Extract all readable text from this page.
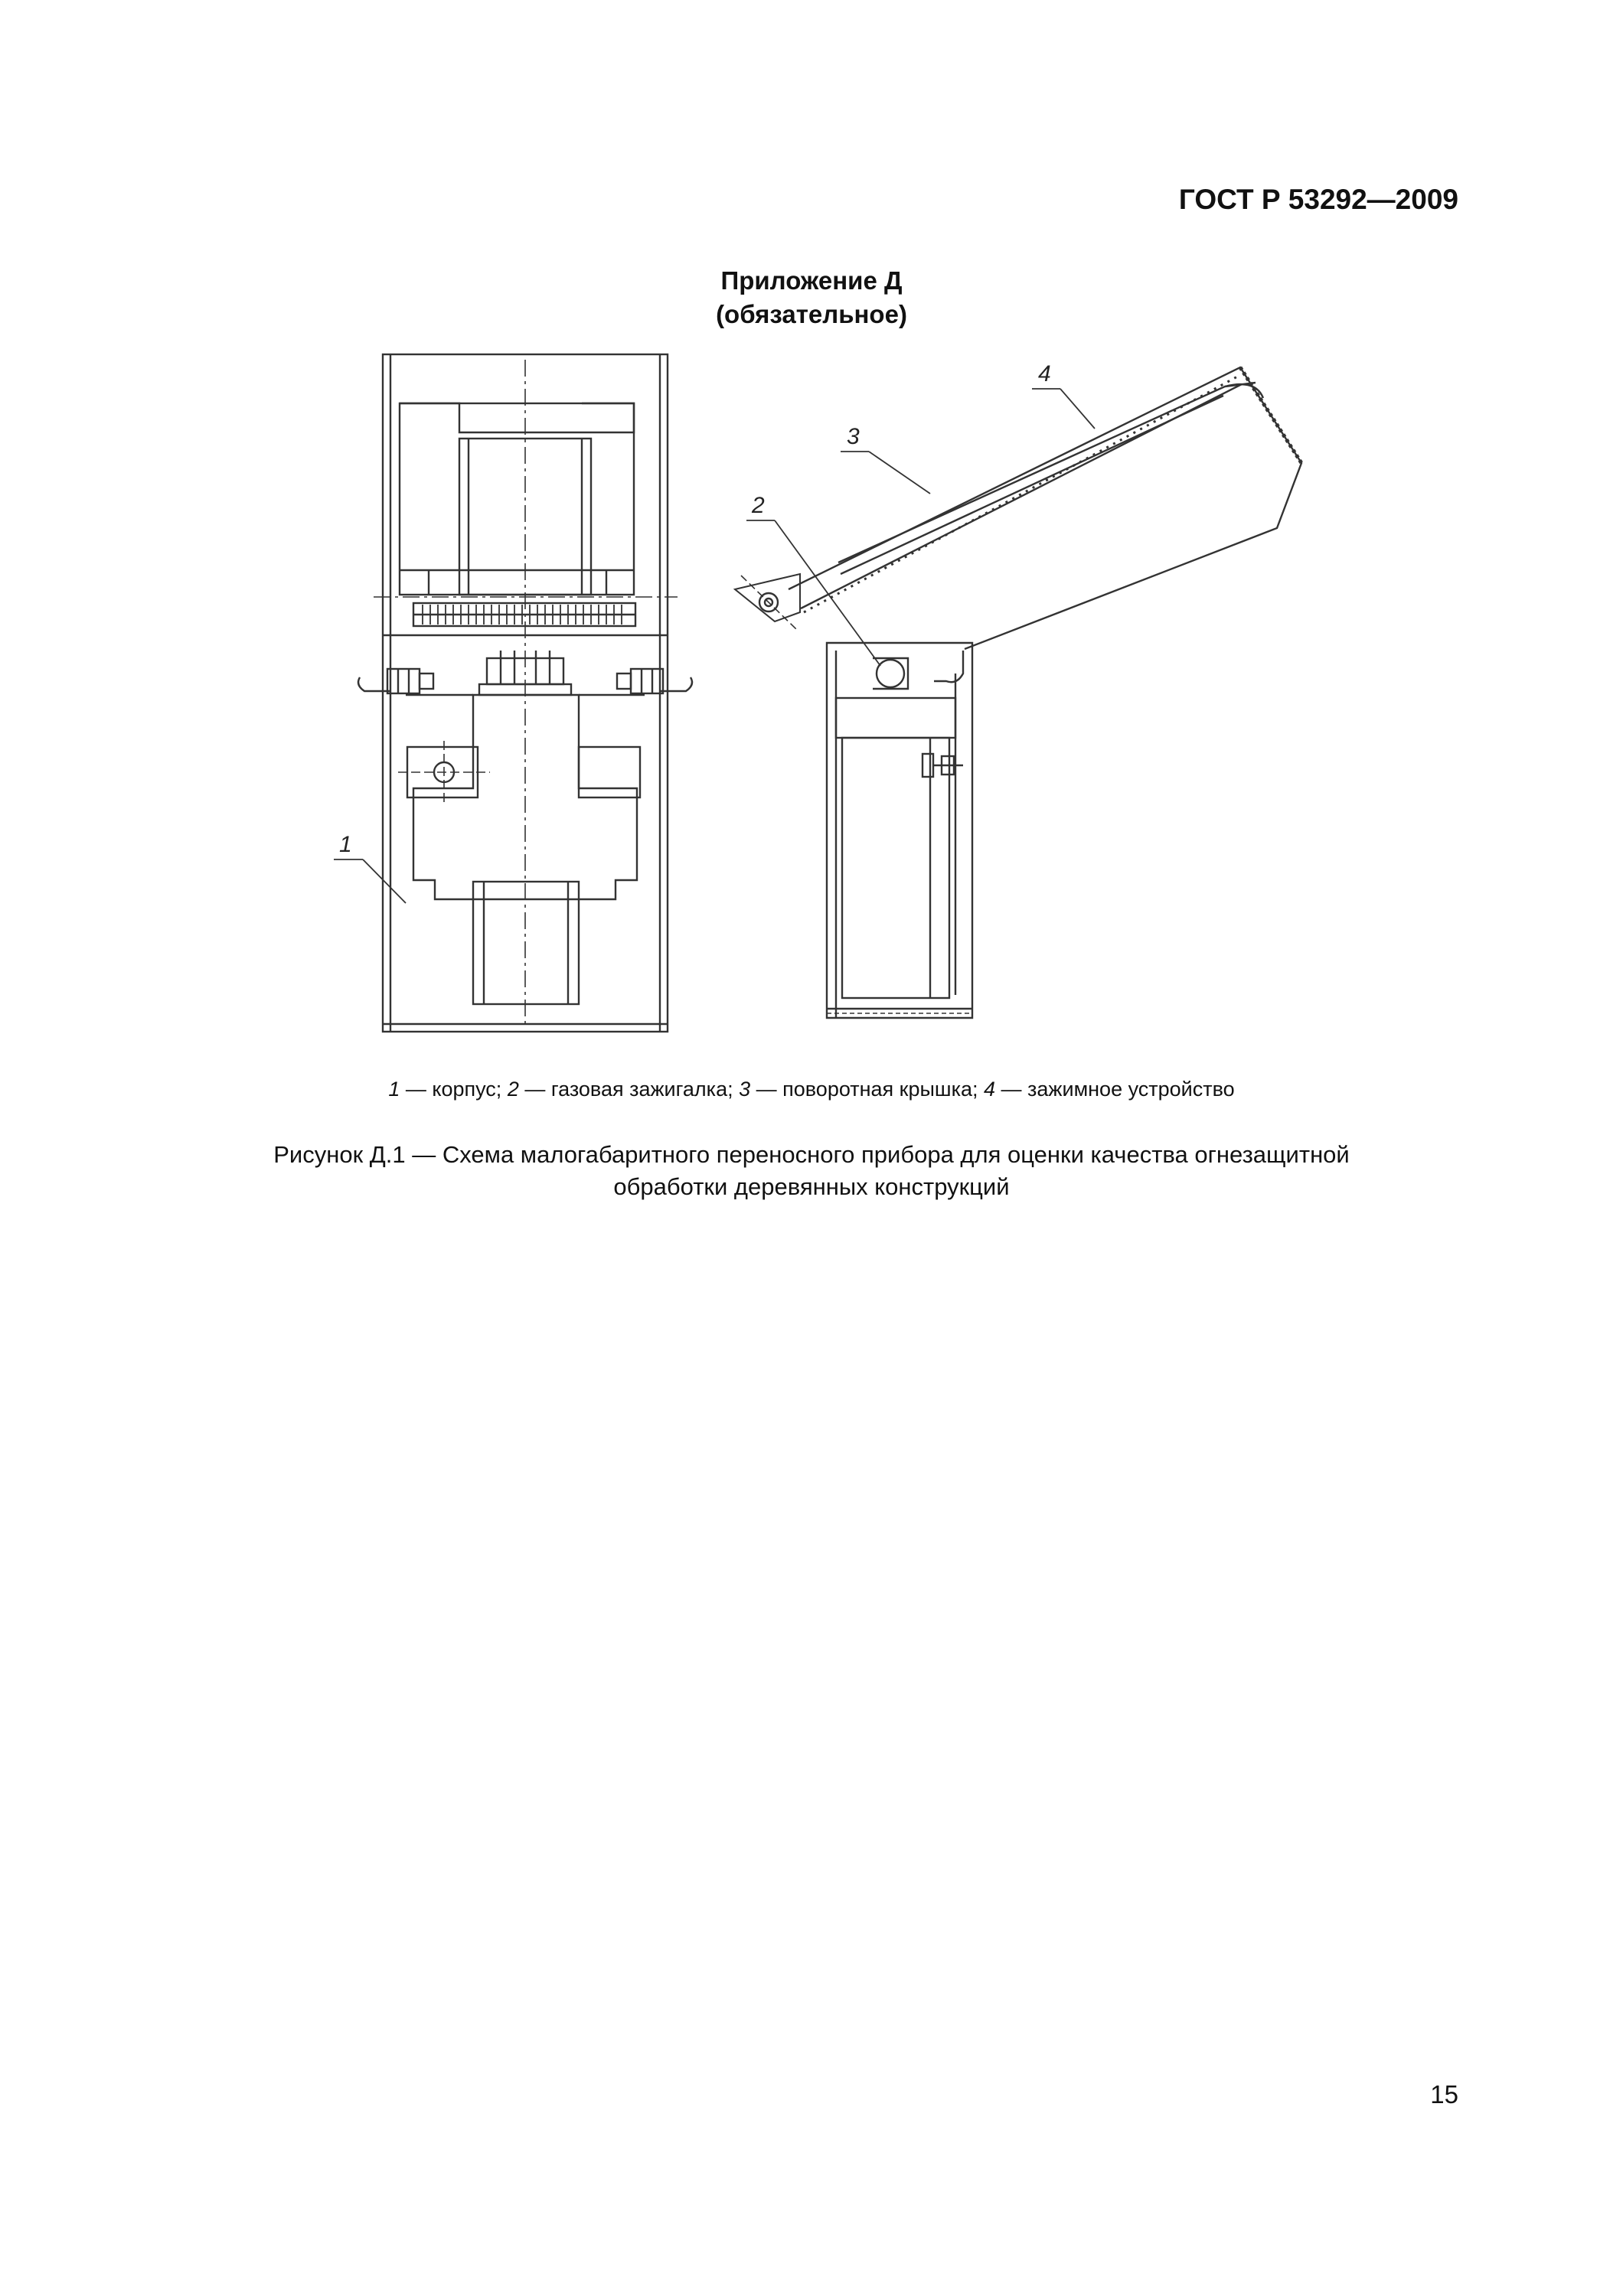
ГОСТ Р 53292—2009
Приложение Д
(обязательное)
1
2
3
4
1 — корпус; 2 — газовая зажигалка; 3 — поворотная крышка; 4 — зажимное устройство
Рисунок Д.1 — Схема малогабаритного переносного прибора для оценки качества огнезащитной
обработки деревянных конструкций
15
